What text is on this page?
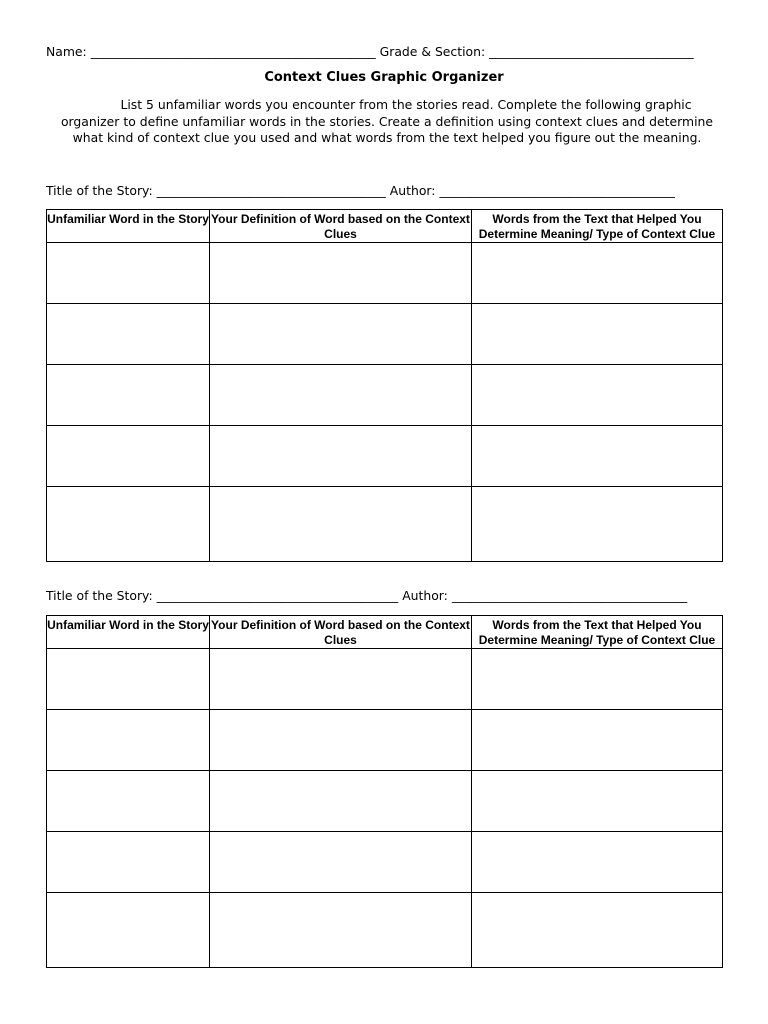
Name: ______________________________________________ Grade & Section: _________________________________
Context Clues Graphic Organizer
List 5 unfamiliar words you encounter from the stories read. Complete the following graphic organizer to define unfamiliar words in the stories. Create a definition using context clues and determine what kind of context clue you used and what words from the text helped you figure out the meaning.
Title of the Story: _____________________________________ Author: ______________________________________
Unfamiliar Word in the Story	Your Definition of Word based on the Context Clues	Words from the Text that Helped You Determine Meaning/ Type of Context Clue

Title of the Story: _______________________________________ Author: ______________________________________
Unfamiliar Word in the Story	Your Definition of Word based on the Context Clues	Words from the Text that Helped You Determine Meaning/ Type of Context Clue
